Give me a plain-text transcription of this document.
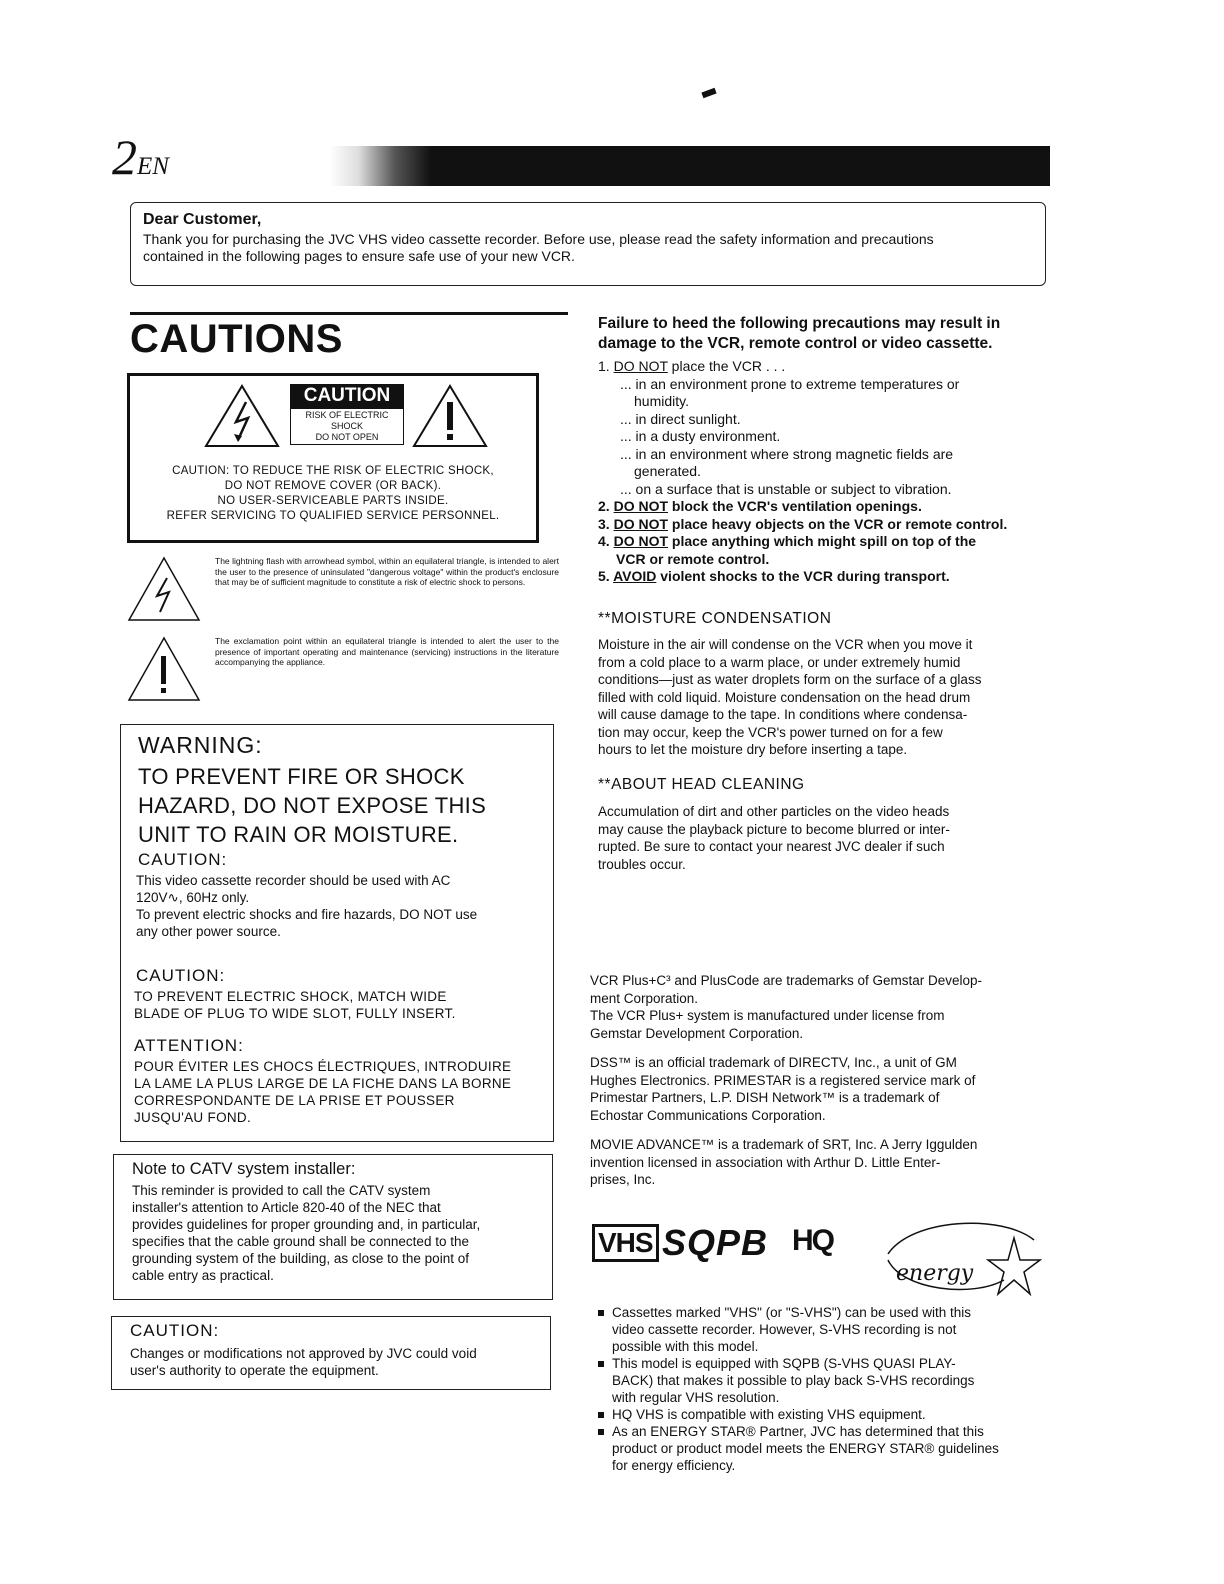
2EN

Dear Customer,

Thank you for purchasing the JVC VHS video cassette recorder. Before use, please read the safety information and precautions

contained in the following pages to ensure safe use of your new VCR.

CAUTIONS
CAUTION
RISK OF ELECTRIC SHOCK
DO NOT OPEN
CAUTION: TO REDUCE THE RISK OF ELECTRIC SHOCK,
DO NOT REMOVE COVER (OR BACK).
NO USER-SERVICEABLE PARTS INSIDE.
REFER SERVICING TO QUALIFIED SERVICE PERSONNEL.

The lightning flash with arrowhead symbol, within an equilateral triangle, is intended to alert the user to the presence of uninsulated "dangerous voltage" within the product's enclosure that may be of sufficient magnitude to constitute a risk of electric shock to persons.

The exclamation point within an equilateral triangle is intended to alert the user to the presence of important operating and maintenance (servicing) instructions in the literature accompanying the appliance.

WARNING:
TO PREVENT FIRE OR SHOCK
HAZARD, DO NOT EXPOSE THIS
UNIT TO RAIN OR MOISTURE.
CAUTION:
This video cassette recorder should be used with AC
120V∿, 60Hz only.
To prevent electric shocks and fire hazards, DO NOT use
any other power source.
CAUTION:
TO PREVENT ELECTRIC SHOCK, MATCH WIDE
BLADE OF PLUG TO WIDE SLOT, FULLY INSERT.
ATTENTION:
POUR ÉVITER LES CHOCS ÉLECTRIQUES, INTRODUIRE
LA LAME LA PLUS LARGE DE LA FICHE DANS LA BORNE
CORRESPONDANTE DE LA PRISE ET POUSSER
JUSQU'AU FOND.
Note to CATV system installer:
This reminder is provided to call the CATV system
installer's attention to Article 820-40 of the NEC that
provides guidelines for proper grounding and, in particular,
specifies that the cable ground shall be connected to the
grounding system of the building, as close to the point of
cable entry as practical.
CAUTION:
Changes or modifications not approved by JVC could void
user's authority to operate the equipment.
Failure to heed the following precautions may result in
damage to the VCR, remote control or video cassette.
1. DO NOT place the VCR . . .
... in an environment prone to extreme temperatures or
humidity.
... in direct sunlight.
... in a dusty environment.
... in an environment where strong magnetic fields are
generated.
... on a surface that is unstable or subject to vibration.
2. DO NOT block the VCR's ventilation openings.
3. DO NOT place heavy objects on the VCR or remote control.
4. DO NOT place anything which might spill on top of the
VCR or remote control.
5. AVOID violent shocks to the VCR during transport.
**MOISTURE CONDENSATION
Moisture in the air will condense on the VCR when you move it
from a cold place to a warm place, or under extremely humid
conditions—just as water droplets form on the surface of a glass
filled with cold liquid. Moisture condensation on the head drum
will cause damage to the tape. In conditions where condensa-
tion may occur, keep the VCR's power turned on for a few
hours to let the moisture dry before inserting a tape.
**ABOUT HEAD CLEANING
Accumulation of dirt and other particles on the video heads
may cause the playback picture to become blurred or inter-
rupted. Be sure to contact your nearest JVC dealer if such
troubles occur.
VCR Plus+C³ and PlusCode are trademarks of Gemstar Develop-
ment Corporation.
The VCR Plus+ system is manufactured under license from
Gemstar Development Corporation.
DSS™ is an official trademark of DIRECTV, Inc., a unit of GM
Hughes Electronics. PRIMESTAR is a registered service mark of
Primestar Partners, L.P. DISH Network™ is a trademark of
Echostar Communications Corporation.
MOVIE ADVANCE™ is a trademark of SRT, Inc. A Jerry Iggulden
invention licensed in association with Arthur D. Little Enter-
prises, Inc.
VHS SQPB HQ
energy
Cassettes marked "VHS" (or "S-VHS") can be used with this
video cassette recorder. However, S-VHS recording is not
possible with this model.
This model is equipped with SQPB (S-VHS QUASI PLAY-
BACK) that makes it possible to play back S-VHS recordings
with regular VHS resolution.
HQ VHS is compatible with existing VHS equipment.
As an ENERGY STAR® Partner, JVC has determined that this
product or product model meets the ENERGY STAR® guidelines
for energy efficiency.
